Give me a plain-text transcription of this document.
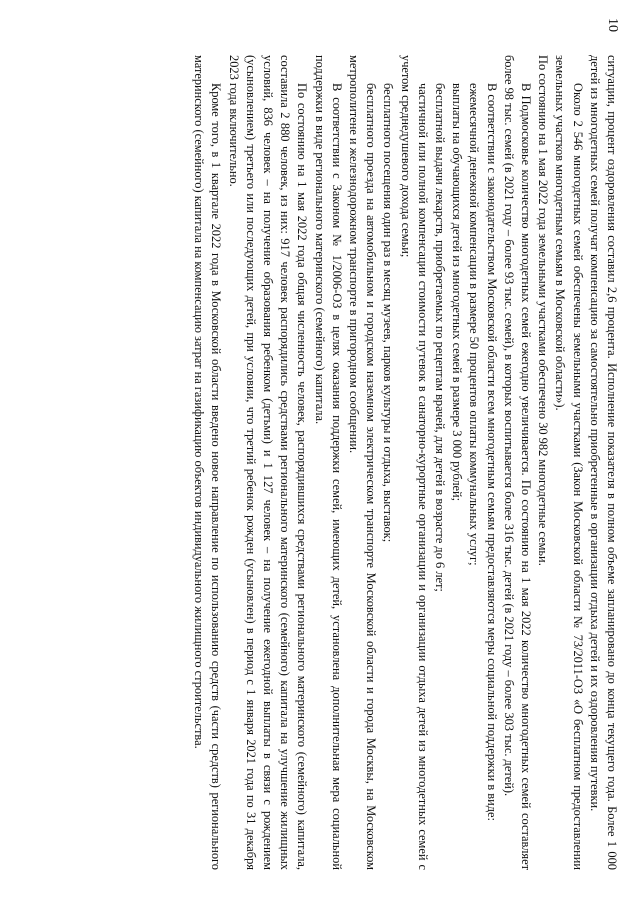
10

ситуации, процент оздоровления составил 2,6 процента. Исполнение показателя в полном объеме запланировано до конца текущего года. Более 1 000 детей из многодетных семей получат компенсацию за самостоятельно приобретенные в организации отдыха детей и их оздоровления путевки.

Около 2 546 многодетных семей обеспечены земельными участками (Закон Московской области № 73/2011-ОЗ «О бесплатном предоставлении земельных участков многодетным семьям в Московской области»).

По состоянию на 1 мая 2022 года земельными участками обеспечено 30 982 многодетные семьи.

В Подмосковье количество многодетных семей ежегодно увеличивается. По состоянию на 1 мая 2022 количество многодетных семей составляет более 98 тыс. семей (в 2021 году – более 93 тыс. семей), в которых воспитывается более 316 тыс. детей (в 2021 году – более 303 тыс. детей).

В соответствии с законодательством Московской области всем многодетным семьям предоставляются меры социальной поддержки в виде:

ежемесячной денежной компенсации в размере 50 процентов оплаты коммунальных услуг;

выплаты на обучающихся детей из многодетных семей в размере 3 000 рублей;

бесплатной выдачи лекарств, приобретаемых по рецептам врачей, для детей в возрасте до 6 лет;

частичной или полной компенсации стоимости путевок в санаторно-курортные организации и организации отдыха детей из многодетных семей с учетом среднедушевого дохода семьи;

бесплатного посещения один раз в месяц музеев, парков культуры и отдыха, выставок;

бесплатного проезда на автомобильном и городском наземном электрическом транспорте Московской области и города Москвы, на Московском метрополитене и железнодорожном транспорте в пригородном сообщении.

В соответствии с Законом № 1/2006-ОЗ в целях оказания поддержки семей, имеющих детей, установлена дополнительная мера социальной поддержки в виде регионального материнского (семейного) капитала.

По состоянию на 1 мая 2022 года общая численность человек, распорядившихся средствами регионального материнского (семейного) капитала, составила 2 880 человек, из них: 917 человек распорядились средствами регионального материнского (семейного) капитала на улучшение жилищных условий, 836 человек – на получение образования ребенком (детьми) и 1 127 человек – на получение ежегодной выплаты в связи с рождением (усыновлением) третьего или последующих детей, при условии, что третий ребенок рожден (усыновлен) в период с 1 января 2021 года по 31 декабря 2023 года включительно.

Кроме того, в 1 квартале 2022 года в Московской области введено новое направление по использованию средств (части средств) регионального материнского (семейного) капитала на компенсацию затрат на газификацию объектов индивидуального жилищного строительства.
